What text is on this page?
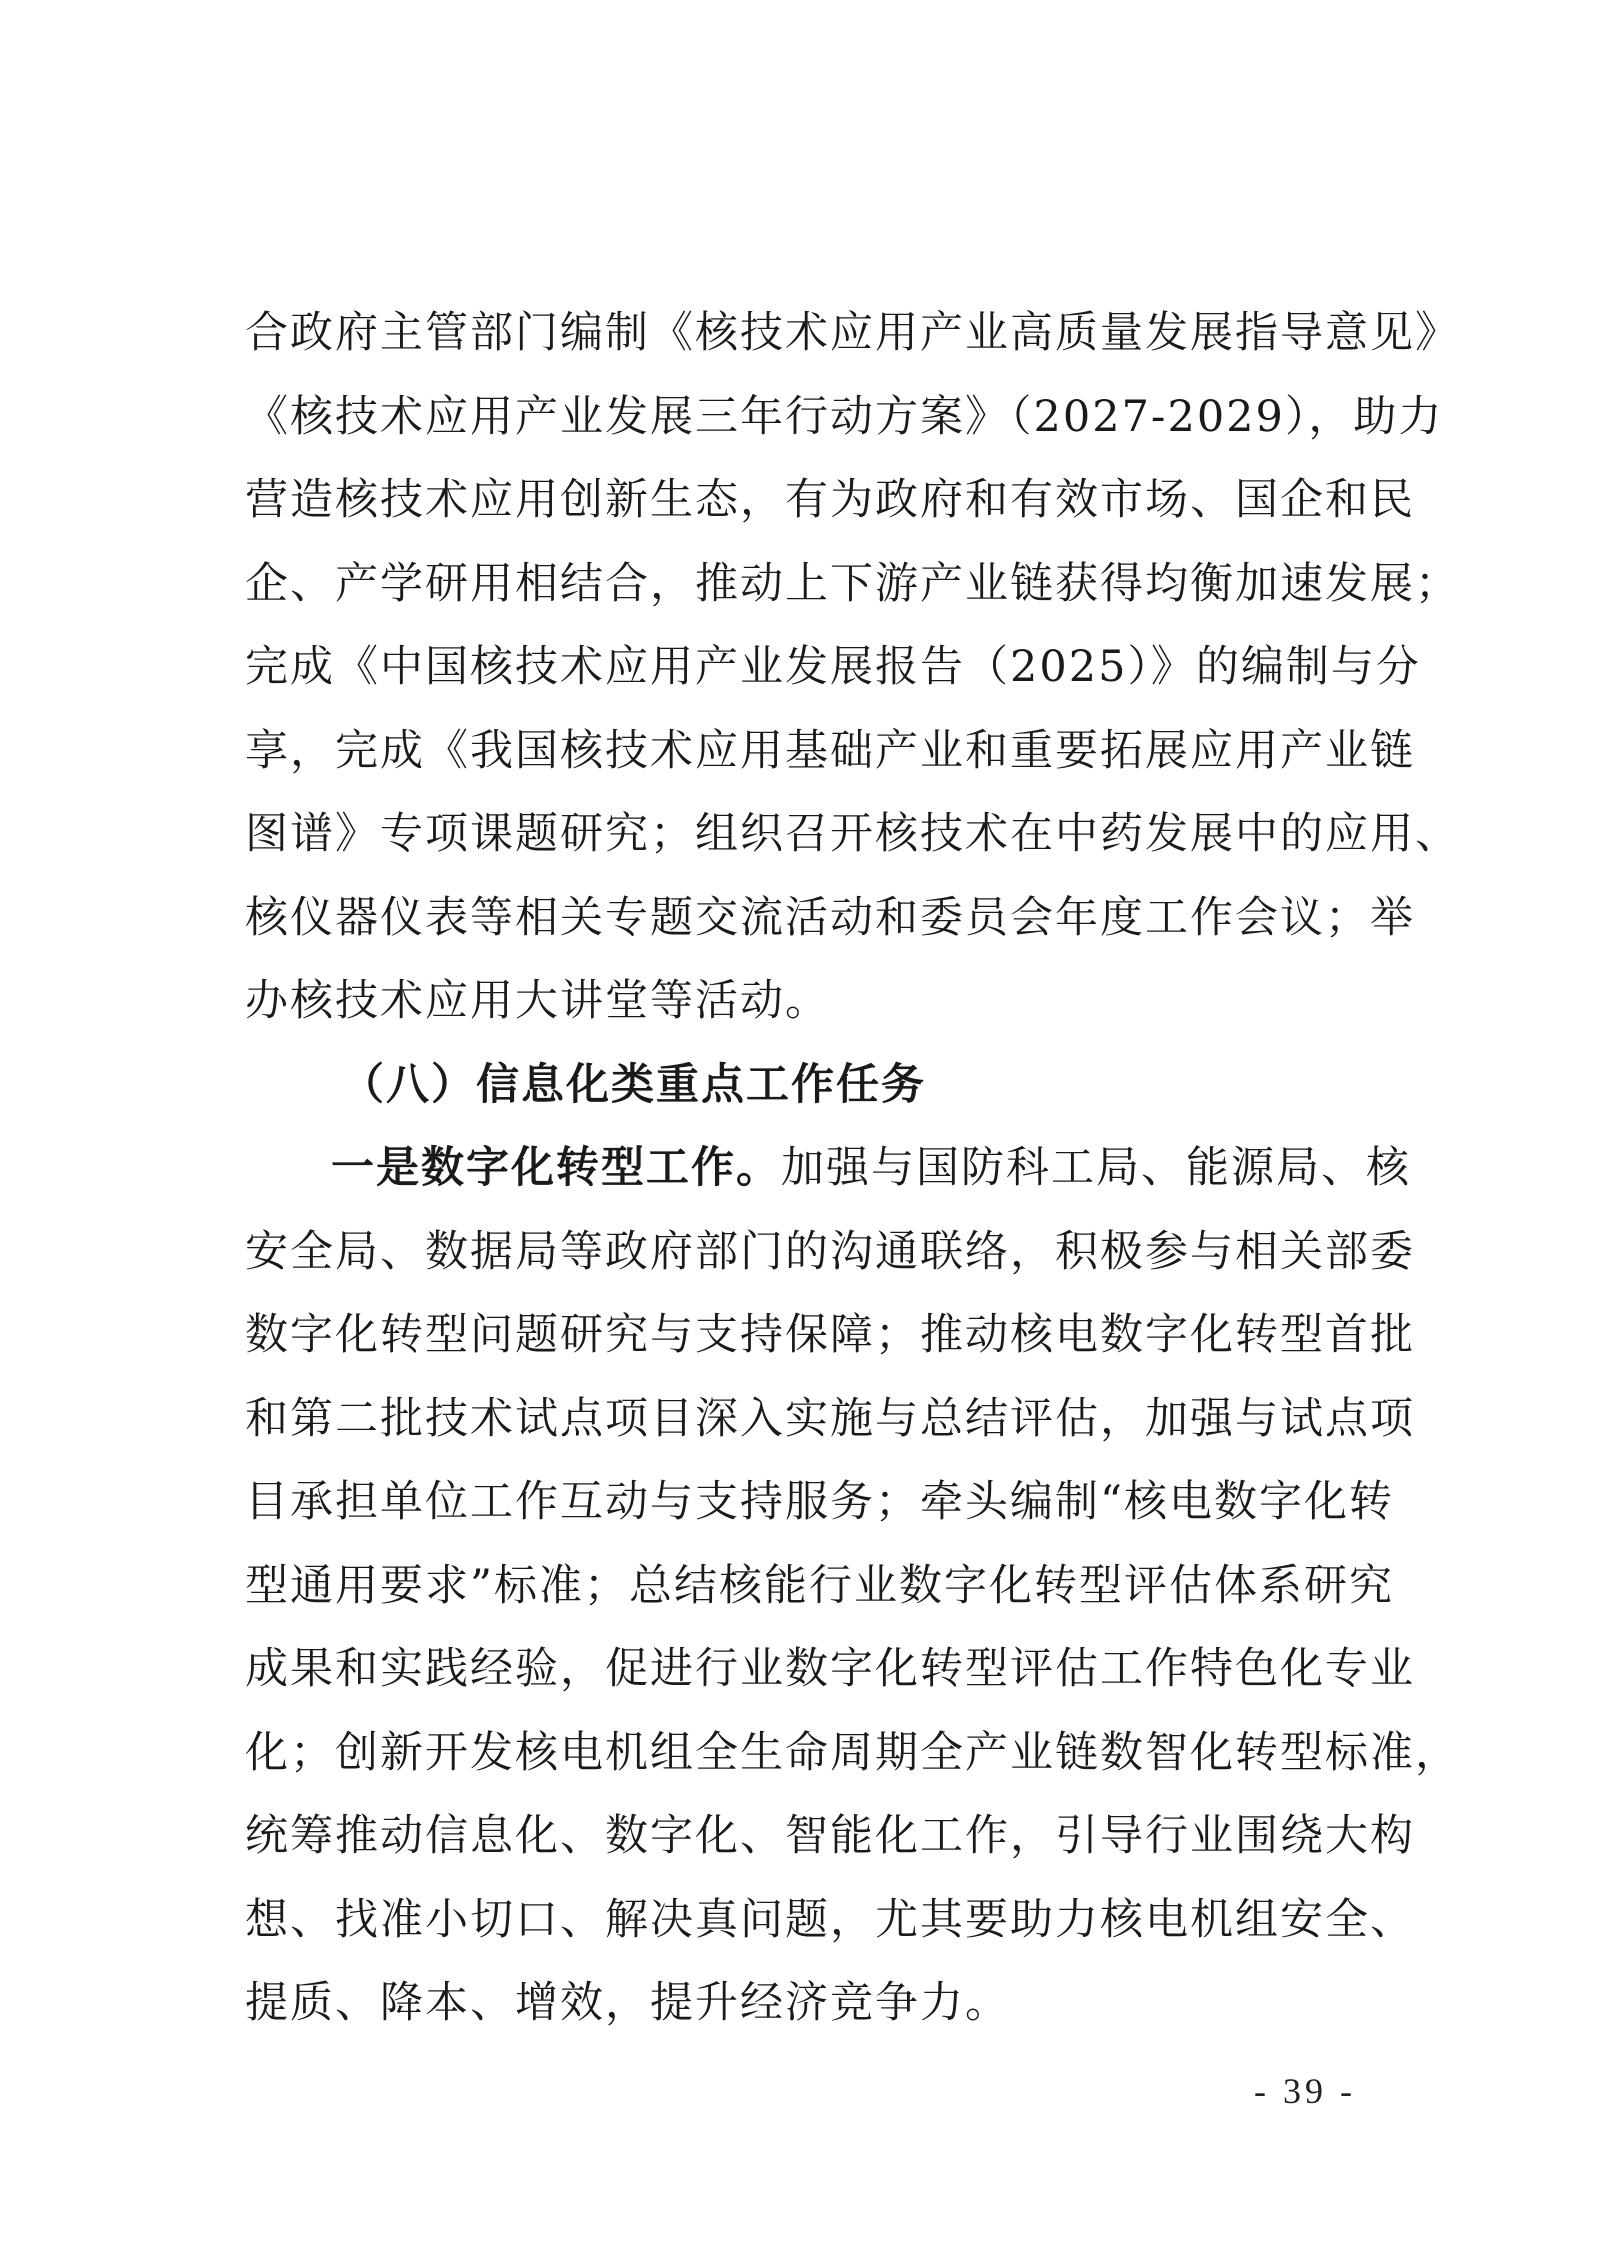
合政府主管部门编制《核技术应用产业高质量发展指导意见》
《核技术应用产业发展三年行动方案》（2027-2029），助力
营造核技术应用创新生态，有为政府和有效市场、国企和民
企、产学研用相结合，推动上下游产业链获得均衡加速发展；
完成《中国核技术应用产业发展报告（2025）》的编制与分
享，完成《我国核技术应用基础产业和重要拓展应用产业链
图谱》专项课题研究；组织召开核技术在中药发展中的应用、
核仪器仪表等相关专题交流活动和委员会年度工作会议；举
办核技术应用大讲堂等活动。
（八）信息化类重点工作任务
一是数字化转型工作。加强与国防科工局、能源局、核
安全局、数据局等政府部门的沟通联络，积极参与相关部委
数字化转型问题研究与支持保障；推动核电数字化转型首批
和第二批技术试点项目深入实施与总结评估，加强与试点项
目承担单位工作互动与支持服务；牵头编制“核电数字化转
型通用要求”标准；总结核能行业数字化转型评估体系研究
成果和实践经验，促进行业数字化转型评估工作特色化专业
化；创新开发核电机组全生命周期全产业链数智化转型标准，
统筹推动信息化、数字化、智能化工作，引导行业围绕大构
想、找准小切口、解决真问题，尤其要助力核电机组安全、
提质、降本、增效，提升经济竞争力。
- 39 -
